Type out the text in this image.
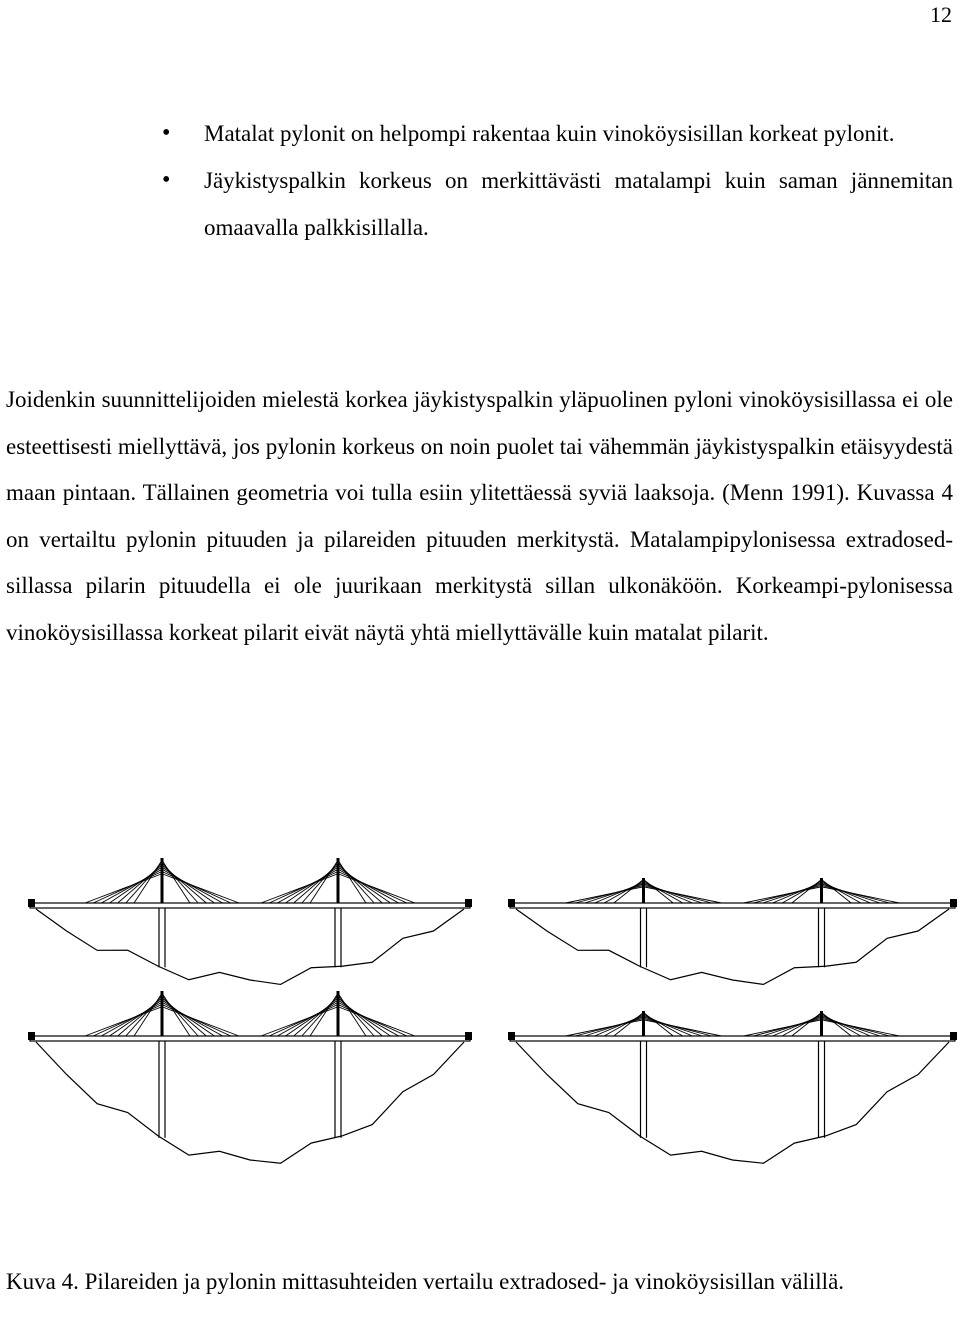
12
• Matalat pylonit on helpompi rakentaa kuin vinoköysisillan korkeat pylonit.
• Jäykistyspalkin korkeus on merkittävästi matalampi kuin saman jännemitan omaavalla palkkisillalla.

Joidenkin suunnittelijoiden mielestä korkea jäykistyspalkin yläpuolinen pyloni vinoköysisillassa ei ole esteettisesti miellyttävä, jos pylonin korkeus on noin puolet tai vähemmän jäykistyspalkin etäisyydestä maan pintaan. Tällainen geometria voi tulla esiin ylitettäessä syviä laaksoja. (Menn 1991). Kuvassa 4 on vertailtu pylonin pituuden ja pilareiden pituuden merkitystä. Matalampipylonisessa extradosed-sillassa pilarin pituudella ei ole juurikaan merkitystä sillan ulkonäköön. Korkeampi-pylonisessa vinoköysisillassa korkeat pilarit eivät näytä yhtä miellyttävälle kuin matalat pilarit.

Kuva 4. Pilareiden ja pylonin mittasuhteiden vertailu extradosed- ja vinoköysisillan välillä.
